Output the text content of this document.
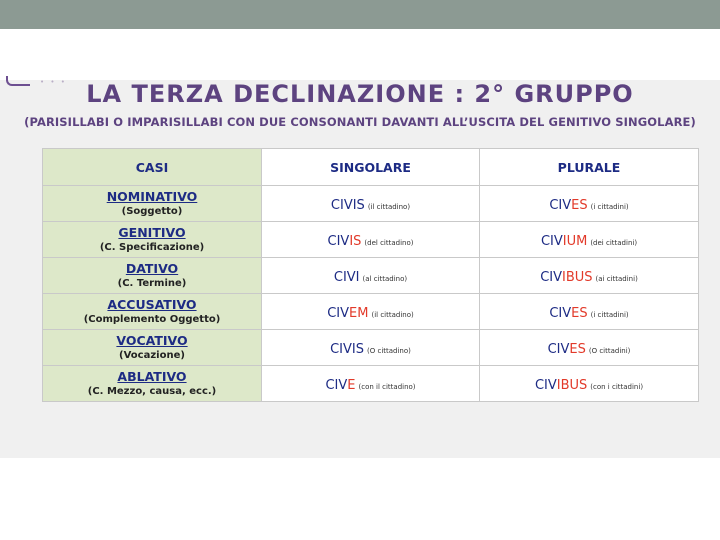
• • • LA TERZA DECLINAZIONE : 2° GRUPPO

(PARISILLABI O IMPARISILLABI CON DUE CONSONANTI DAVANTI ALL’USCITA DEL GENITIVO SINGOLARE)

CASI	SINGOLARE	PLURALE

NOMINATIVO
(Soggetto)	CIVIS (il cittadino)	CIVES (i cittadini)

GENITIVO
(C. Specificazione)	CIVIS (del cittadino)	CIVIUM (dei cittadini)

DATIVO
(C. Termine)	CIVI (al cittadino)	CIVIBUS (ai cittadini)

ACCUSATIVO
(Complemento Oggetto)	CIVEM (il cittadino)	CIVES (i cittadini)

VOCATIVO
(Vocazione)	CIVIS (O cittadino)	CIVES (O cittadini)

ABLATIVO
(C. Mezzo, causa, ecc.)	CIVE (con il cittadino)	CIVIBUS (con i cittadini)
